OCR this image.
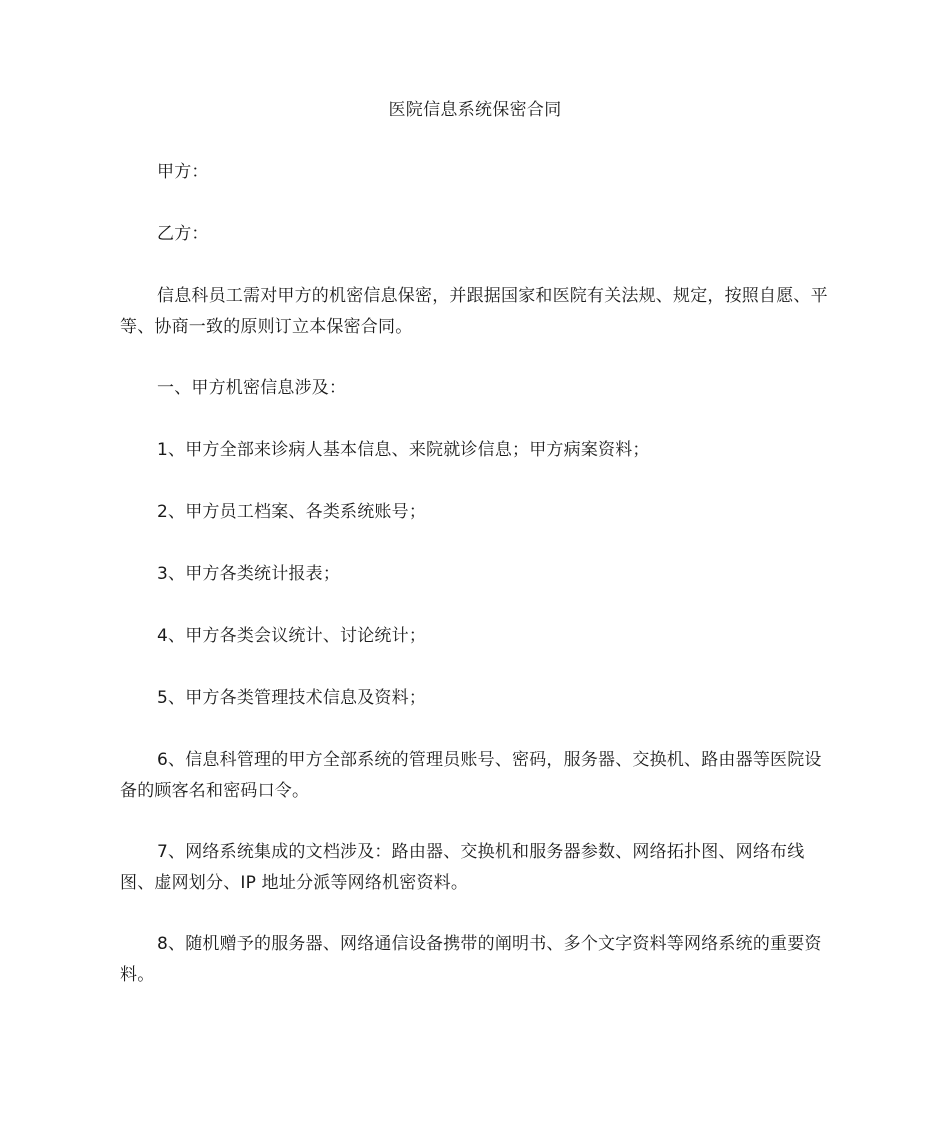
医院信息系统保密合同
甲方：
乙方：
信息科员工需对甲方的机密信息保密，并跟据国家和医院有关法规、规定，按照自愿、平等、协商一致的原则订立本保密合同。
一、甲方机密信息涉及：
1、甲方全部来诊病人基本信息、来院就诊信息；甲方病案资料；
2、甲方员工档案、各类系统账号；
3、甲方各类统计报表；
4、甲方各类会议统计、讨论统计；
5、甲方各类管理技术信息及资料；
6、信息科管理的甲方全部系统的管理员账号、密码，服务器、交换机、路由器等医院设备的顾客名和密码口令。
7、网络系统集成的文档涉及：路由器、交换机和服务器参数、网络拓扑图、网络布线图、虚网划分、IP 地址分派等网络机密资料。
8、随机赠予的服务器、网络通信设备携带的阐明书、多个文字资料等网络系统的重要资料。
